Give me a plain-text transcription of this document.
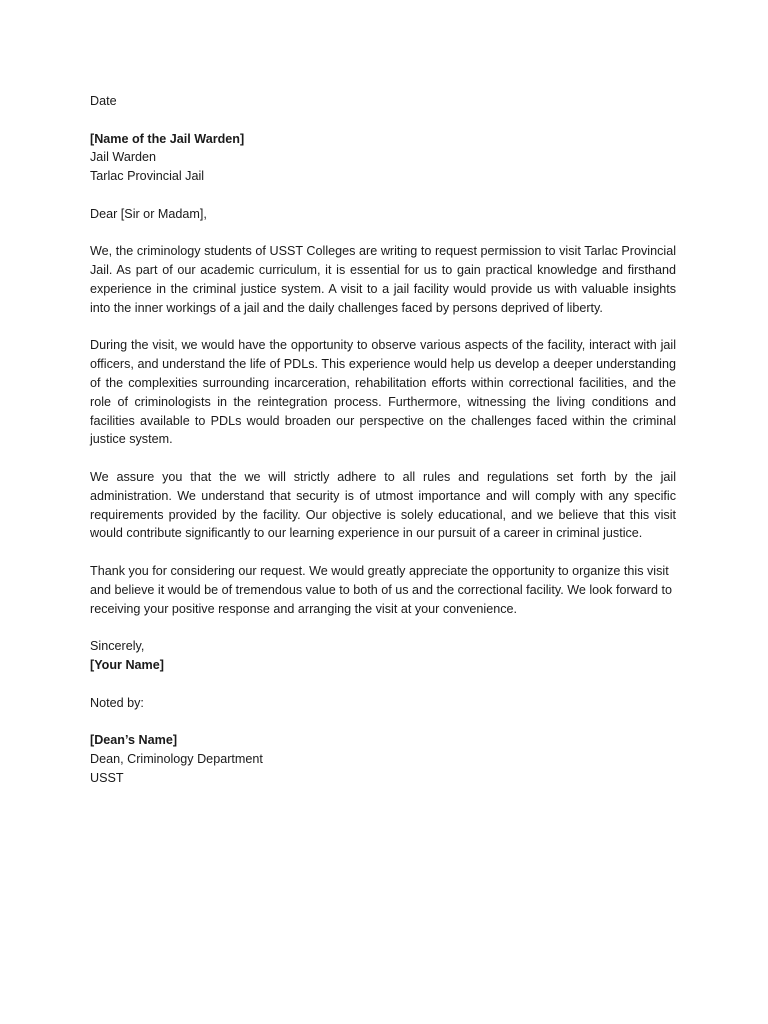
Date
[Name of the Jail Warden]
Jail Warden
Tarlac Provincial Jail
Dear [Sir or Madam],

We, the criminology students of USST Colleges are writing to request permission to visit Tarlac Provincial Jail. As part of our academic curriculum, it is essential for us to gain practical knowledge and firsthand experience in the criminal justice system. A visit to a jail facility would provide us with valuable insights into the inner workings of a jail and the daily challenges faced by persons deprived of liberty.

During the visit, we would have the opportunity to observe various aspects of the facility, interact with jail officers, and understand the life of PDLs. This experience would help us develop a deeper understanding of the complexities surrounding incarceration, rehabilitation efforts within correctional facilities, and the role of criminologists in the reintegration process. Furthermore, witnessing the living conditions and facilities available to PDLs would broaden our perspective on the challenges faced within the criminal justice system.

We assure you that the we will strictly adhere to all rules and regulations set forth by the jail administration. We understand that security is of utmost importance and will comply with any specific requirements provided by the facility. Our objective is solely educational, and we believe that this visit would contribute significantly to our learning experience in our pursuit of a career in criminal justice.

Thank you for considering our request. We would greatly appreciate the opportunity to organize this visit and believe it would be of tremendous value to both of us and the correctional facility. We look forward to receiving your positive response and arranging the visit at your convenience.

Sincerely,
[Your Name]
Noted by:
[Dean’s Name]
Dean, Criminology Department
USST
